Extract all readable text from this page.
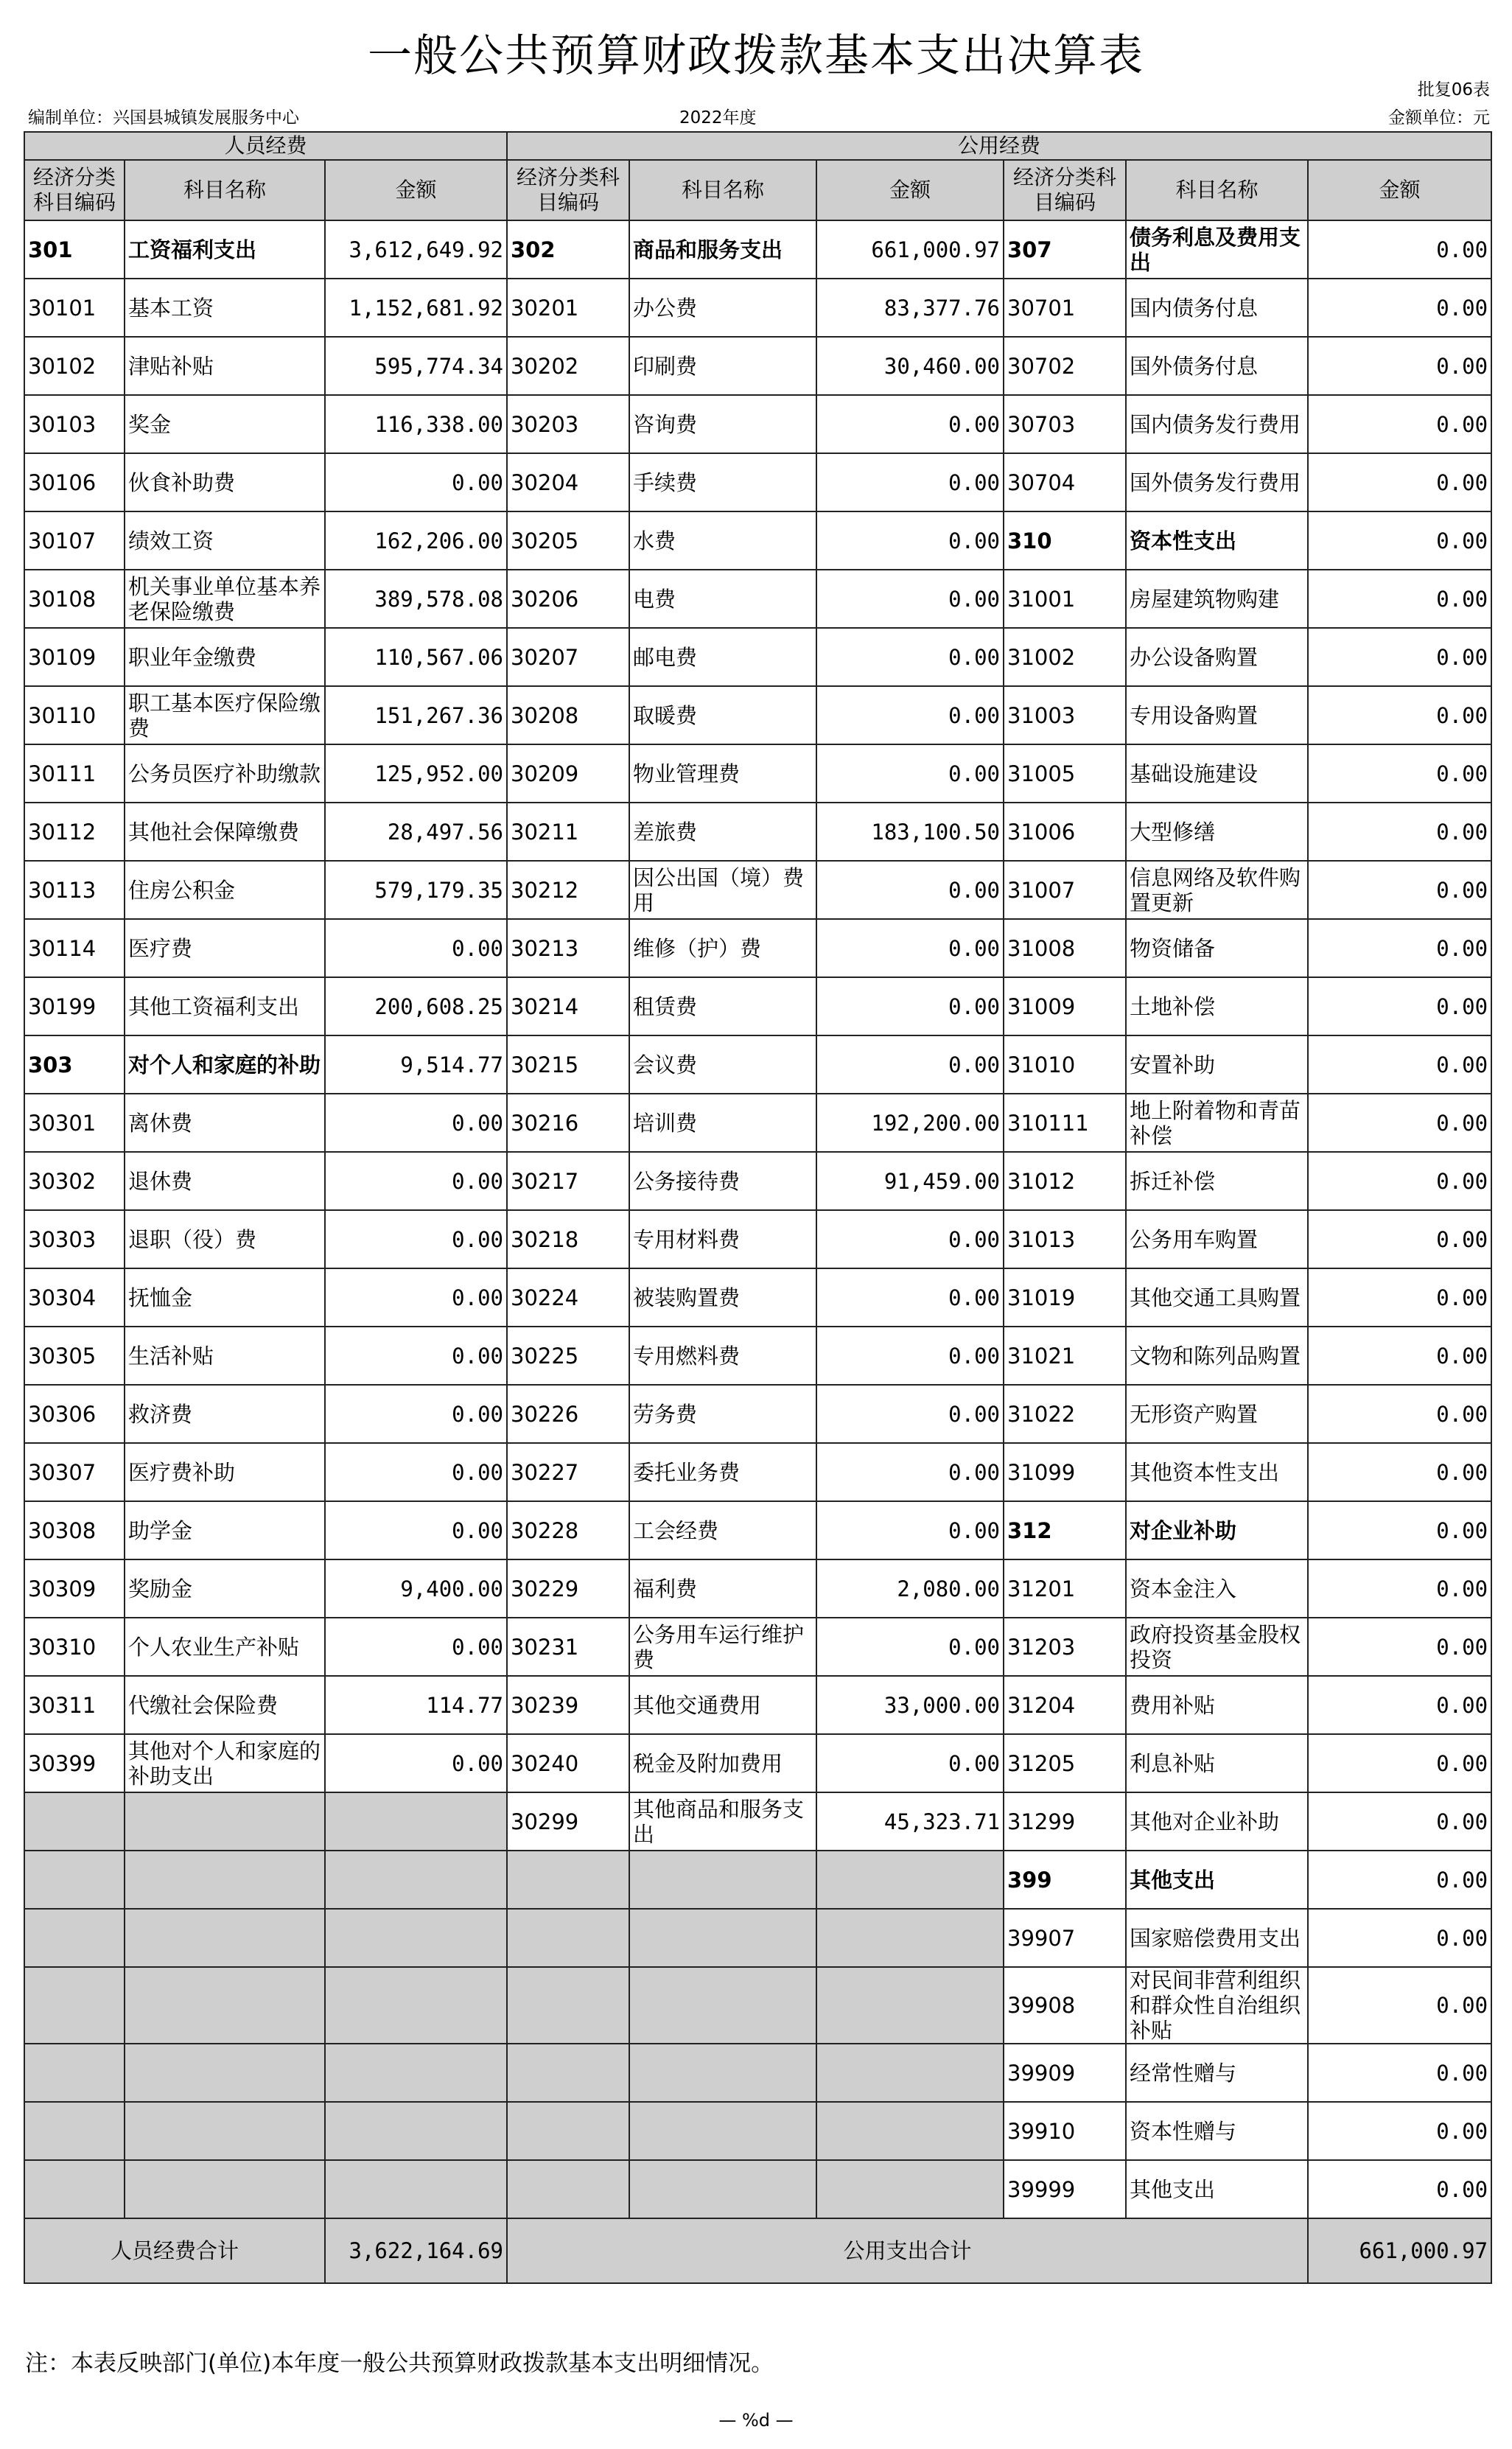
一般公共预算财政拨款基本支出决算表
批复06表
编制单位：兴国县城镇发展服务中心	2022年度	金额单位：元
人员经费			公用经费					
经济分类科目编码	科目名称	金额	经济分类科目编码	科目名称	金额	经济分类科目编码	科目名称	金额
301	工资福利支出	3,612,649.92	302	商品和服务支出	661,000.97	307	债务利息及费用支出	0.00
30101	基本工资	1,152,681.92	30201	办公费	83,377.76	30701	国内债务付息	0.00
30102	津贴补贴	595,774.34	30202	印刷费	30,460.00	30702	国外债务付息	0.00
30103	奖金	116,338.00	30203	咨询费	0.00	30703	国内债务发行费用	0.00
30106	伙食补助费	0.00	30204	手续费	0.00	30704	国外债务发行费用	0.00
30107	绩效工资	162,206.00	30205	水费	0.00	310	资本性支出	0.00
30108	机关事业单位基本养老保险缴费	389,578.08	30206	电费	0.00	31001	房屋建筑物购建	0.00
30109	职业年金缴费	110,567.06	30207	邮电费	0.00	31002	办公设备购置	0.00
30110	职工基本医疗保险缴费	151,267.36	30208	取暖费	0.00	31003	专用设备购置	0.00
30111	公务员医疗补助缴款	125,952.00	30209	物业管理费	0.00	31005	基础设施建设	0.00
30112	其他社会保障缴费	28,497.56	30211	差旅费	183,100.50	31006	大型修缮	0.00
30113	住房公积金	579,179.35	30212	因公出国（境）费用	0.00	31007	信息网络及软件购置更新	0.00
30114	医疗费	0.00	30213	维修（护）费	0.00	31008	物资储备	0.00
30199	其他工资福利支出	200,608.25	30214	租赁费	0.00	31009	土地补偿	0.00
303	对个人和家庭的补助	9,514.77	30215	会议费	0.00	31010	安置补助	0.00
30301	离休费	0.00	30216	培训费	192,200.00	310111	地上附着物和青苗补偿	0.00
30302	退休费	0.00	30217	公务接待费	91,459.00	31012	拆迁补偿	0.00
30303	退职（役）费	0.00	30218	专用材料费	0.00	31013	公务用车购置	0.00
30304	抚恤金	0.00	30224	被装购置费	0.00	31019	其他交通工具购置	0.00
30305	生活补贴	0.00	30225	专用燃料费	0.00	31021	文物和陈列品购置	0.00
30306	救济费	0.00	30226	劳务费	0.00	31022	无形资产购置	0.00
30307	医疗费补助	0.00	30227	委托业务费	0.00	31099	其他资本性支出	0.00
30308	助学金	0.00	30228	工会经费	0.00	312	对企业补助	0.00
30309	奖励金	9,400.00	30229	福利费	2,080.00	31201	资本金注入	0.00
30310	个人农业生产补贴	0.00	30231	公务用车运行维护费	0.00	31203	政府投资基金股权投资	0.00
30311	代缴社会保险费	114.77	30239	其他交通费用	33,000.00	31204	费用补贴	0.00
30399	其他对个人和家庭的补助支出	0.00	30240	税金及附加费用	0.00	31205	利息补贴	0.00
			30299	其他商品和服务支出	45,323.71	31299	其他对企业补助	0.00
						399	其他支出	0.00
						39907	国家赔偿费用支出	0.00
						39908	对民间非营利组织和群众性自治组织补贴	0.00
						39909	经常性赠与	0.00
						39910	资本性赠与	0.00
						39999	其他支出	0.00
人员经费合计		3,622,164.69	公用支出合计					661,000.97
注：本表反映部门(单位)本年度一般公共预算财政拨款基本支出明细情况。
— %d —
